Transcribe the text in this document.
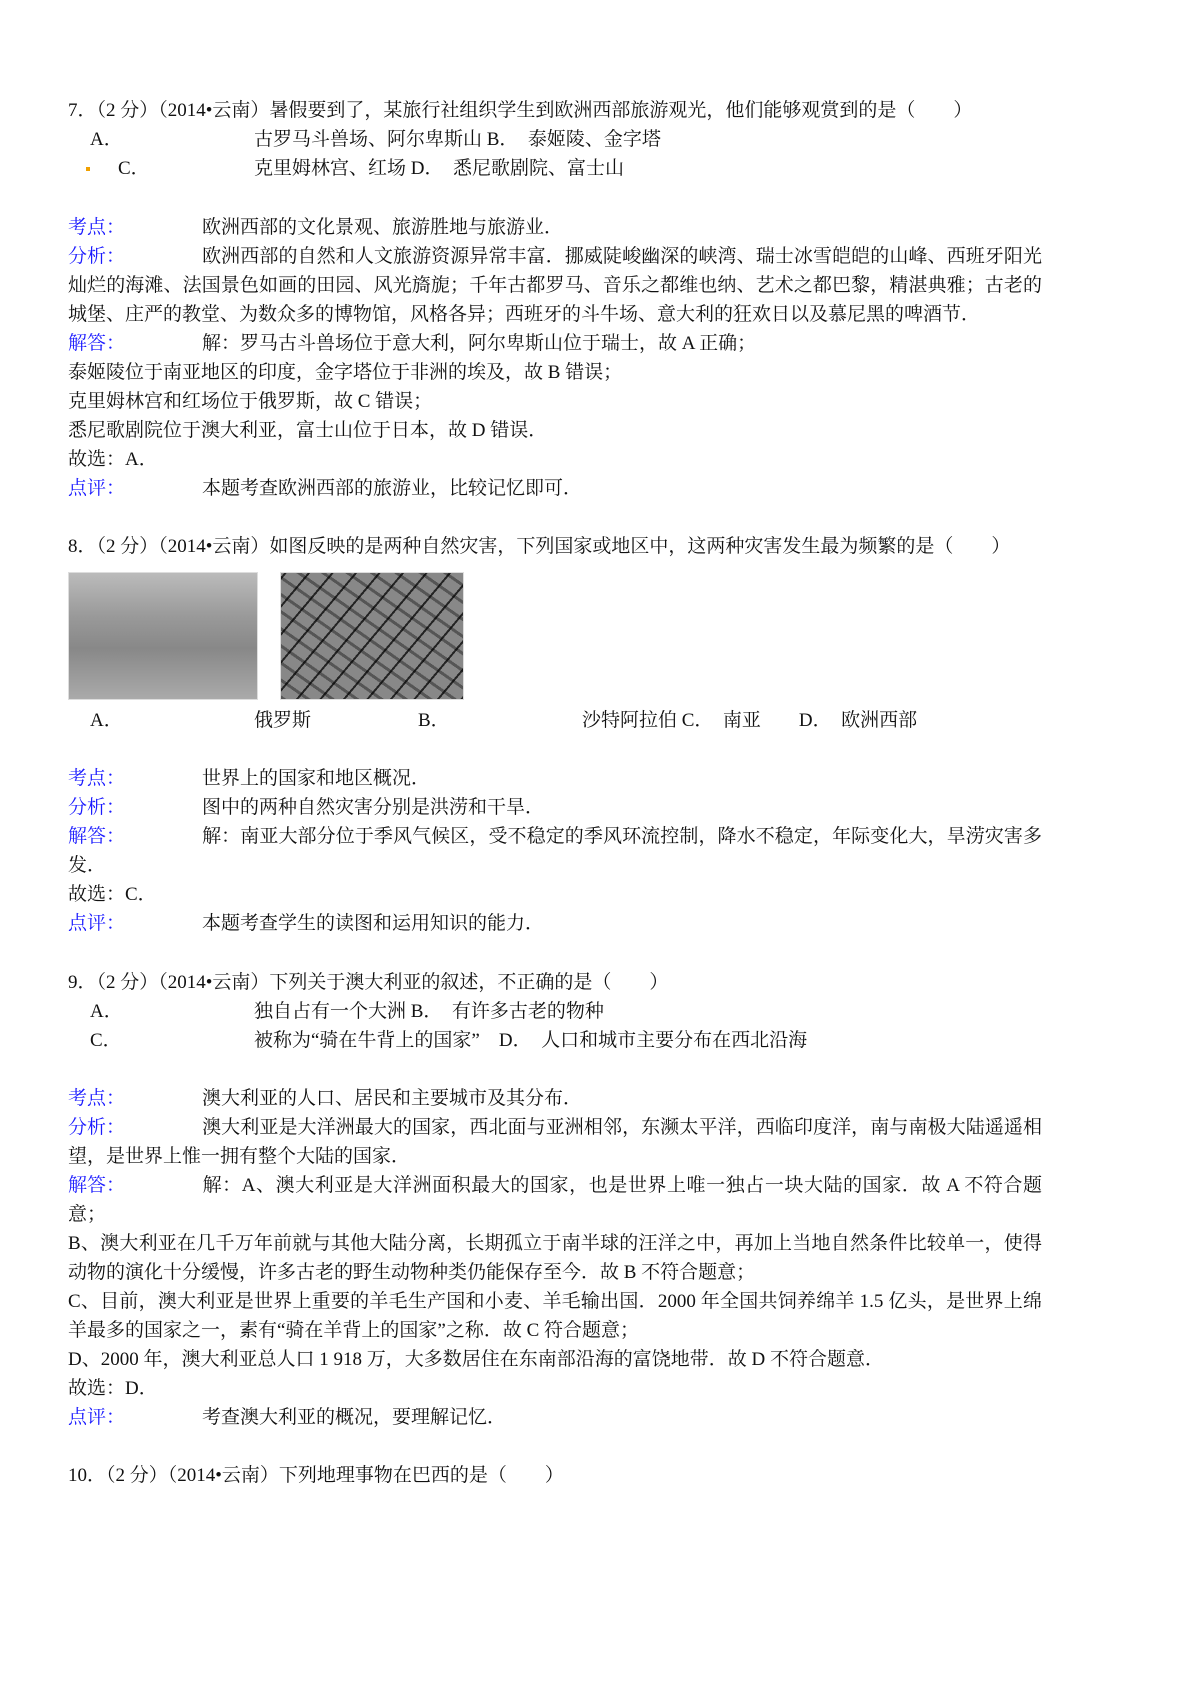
7．（2 分）（2014•云南）暑假要到了，某旅行社组织学生到欧洲西部旅游观光，他们能够观赏到的是（　　）
A．	古罗马斗兽场、阿尔卑斯山 B．　泰姬陵、金字塔
C．	克里姆林宫、红场 D．　悉尼歌剧院、富士山
考点：	欧洲西部的文化景观、旅游胜地与旅游业．
分析：	欧洲西部的自然和人文旅游资源异常丰富．挪威陡峻幽深的峡湾、瑞士冰雪皑皑的山峰、西班牙阳光灿烂的海滩、法国景色如画的田园、风光旖旎；千年古都罗马、音乐之都维也纳、艺术之都巴黎，精湛典雅；古老的城堡、庄严的教堂、为数众多的博物馆，风格各异；西班牙的斗牛场、意大利的狂欢日以及慕尼黑的啤酒节．
解答：	解：罗马古斗兽场位于意大利，阿尔卑斯山位于瑞士，故 A 正确；
泰姬陵位于南亚地区的印度，金字塔位于非洲的埃及，故 B 错误；
克里姆林宫和红场位于俄罗斯，故 C 错误；
悉尼歌剧院位于澳大利亚，富士山位于日本，故 D 错误．
故选：A．
点评：	本题考查欧洲西部的旅游业，比较记忆即可．
8．（2 分）（2014•云南）如图反映的是两种自然灾害，下列国家或地区中，这两种灾害发生最为频繁的是（　　）
A．	俄罗斯	B．	沙特阿拉伯 C．　南亚　　D．　欧洲西部
考点：	世界上的国家和地区概况．
分析：	图中的两种自然灾害分别是洪涝和干旱．
解答：	解：南亚大部分位于季风气候区，受不稳定的季风环流控制，降水不稳定，年际变化大，旱涝灾害多发．
故选：C．
点评：	本题考查学生的读图和运用知识的能力．
9．（2 分）（2014•云南）下列关于澳大利亚的叙述，不正确的是（　　）
A．	独自占有一个大洲 B．　有许多古老的物种
C．	被称为“骑在牛背上的国家”　D．　人口和城市主要分布在西北沿海
考点：	澳大利亚的人口、居民和主要城市及其分布．
分析：	澳大利亚是大洋洲最大的国家，西北面与亚洲相邻，东濒太平洋，西临印度洋，南与南极大陆遥遥相望，是世界上惟一拥有整个大陆的国家．
解答：	解：A、澳大利亚是大洋洲面积最大的国家，也是世界上唯一独占一块大陆的国家．故 A 不符合题意；
B、澳大利亚在几千万年前就与其他大陆分离，长期孤立于南半球的汪洋之中，再加上当地自然条件比较单一，使得动物的演化十分缓慢，许多古老的野生动物种类仍能保存至今．故 B 不符合题意；
C、目前，澳大利亚是世界上重要的羊毛生产国和小麦、羊毛输出国．2000 年全国共饲养绵羊 1.5 亿头，是世界上绵羊最多的国家之一，素有“骑在羊背上的国家”之称．故 C 符合题意；
D、2000 年，澳大利亚总人口 1 918 万，大多数居住在东南部沿海的富饶地带．故 D 不符合题意．
故选：D．
点评：	考查澳大利亚的概况，要理解记忆．
10．（2 分）（2014•云南）下列地理事物在巴西的是（　　）
